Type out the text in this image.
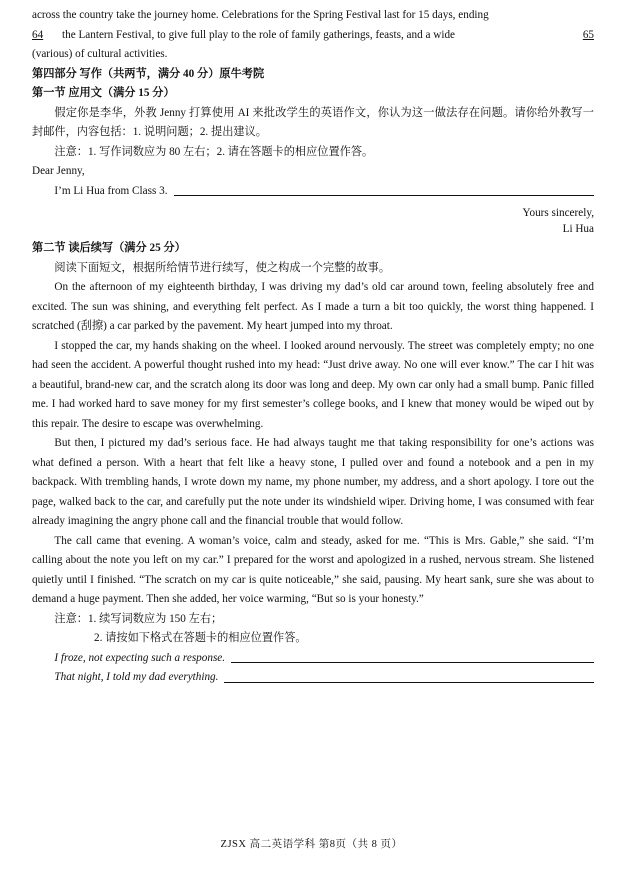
across the country take the journey home. Celebrations for the Spring Festival last for 15 days, ending

64	the Lantern Festival, to give full play to the role of family gatherings, feasts, and a wide	65

(various) of cultural activities.

第四部分 写作（共两节，满分 40 分）原牛考院

第一节 应用文（满分 15 分）

假定你是李华，外教 Jenny 打算使用 AI 来批改学生的英语作文，你认为这一做法存在问题。请你给外教写一封邮件，内容包括：1. 说明问题；2. 提出建议。

注意：1. 写作词数应为 80 左右；2. 请在答题卡的相应位置作答。

Dear Jenny,

I’m Li Hua from Class 3.

Yours sincerely,

Li Hua

第二节 读后续写（满分 25 分）

阅读下面短文，根据所给情节进行续写，使之构成一个完整的故事。

On the afternoon of my eighteenth birthday, I was driving my dad’s old car around town, feeling absolutely free and excited. The sun was shining, and everything felt perfect. As I made a turn a bit too quickly, the worst thing happened. I scratched (刮擦) a car parked by the pavement. My heart jumped into my throat.

I stopped the car, my hands shaking on the wheel. I looked around nervously. The street was completely empty; no one had seen the accident. A powerful thought rushed into my head: “Just drive away. No one will ever know.” The car I hit was a beautiful, brand-new car, and the scratch along its door was long and deep. My own car only had a small bump. Panic filled me. I had worked hard to save money for my first semester’s college books, and I knew that money would be wiped out by this repair. The desire to escape was overwhelming.

But then, I pictured my dad’s serious face. He had always taught me that taking responsibility for one’s actions was what defined a person. With a heart that felt like a heavy stone, I pulled over and found a notebook and a pen in my backpack. With trembling hands, I wrote down my name, my phone number, my address, and a short apology. I tore out the page, walked back to the car, and carefully put the note under its windshield wiper. Driving home, I was consumed with fear already imagining the angry phone call and the financial trouble that would follow.

The call came that evening. A woman’s voice, calm and steady, asked for me. “This is Mrs. Gable,” she said. “I’m calling about the note you left on my car.” I prepared for the worst and apologized in a rushed, nervous stream. She listened quietly until I finished. “The scratch on my car is quite noticeable,” she said, pausing. My heart sank, sure she was about to demand a huge payment. Then she added, her voice warming, “But so is your honesty.”

注意：1. 续写词数应为 150 左右；

2. 请按如下格式在答题卡的相应位置作答。

I froze, not expecting such a response.
That night, I told my dad everything.
ZJSX 高二英语学科 第8页（共 8 页）
